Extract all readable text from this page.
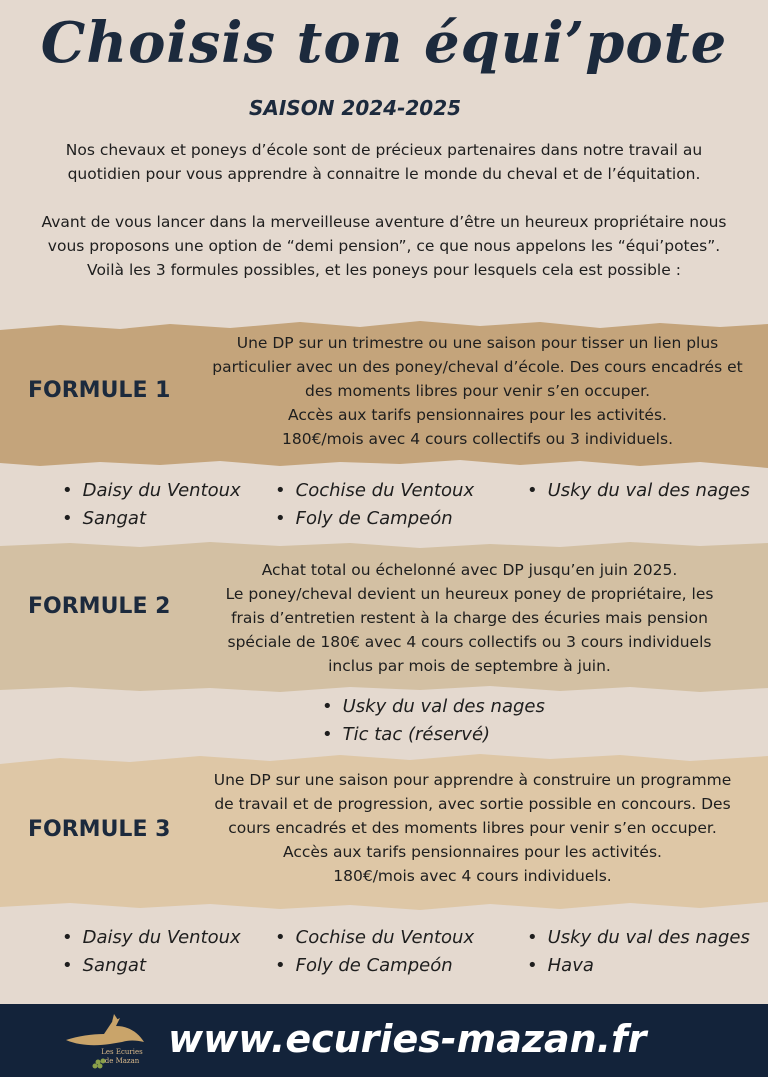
Choisis ton équi’pote
SAISON 2024-2025

Nos chevaux et poneys d’école sont de précieux partenaires dans notre travail au

quotidien pour vous apprendre à connaitre le monde du cheval et de l’équitation.

Avant de vous lancer dans la merveilleuse aventure d’être un heureux propriétaire nous

vous proposons une option de “demi pension”, ce que nous appelons les “équi’potes”.

Voilà les 3 formules possibles, et les poneys pour lesquels cela est possible :

FORMULE 1

Une DP sur un trimestre ou une saison pour tisser un lien plus

particulier avec un des poney/cheval d’école. Des cours encadrés et

des moments libres pour venir s’en occuper.

Accès aux tarifs pensionnaires pour les activités.

180€/mois avec 4 cours collectifs ou 3 individuels.

• Daisy du Ventoux
• Sangat
• Cochise du Ventoux
• Foly de Campeón
• Usky du val des nages
FORMULE 2

Achat total ou échelonné avec DP jusqu’en juin 2025.

Le poney/cheval devient un heureux poney de propriétaire, les

frais d’entretien restent à la charge des écuries mais pension

spéciale de 180€ avec 4 cours collectifs ou 3 cours individuels

inclus par mois de septembre à juin.

• Usky du val des nages
• Tic tac (réservé)
FORMULE 3

Une DP sur une saison pour apprendre à construire un programme

de travail et de progression, avec sortie possible en concours. Des

cours encadrés et des moments libres pour venir s’en occuper.

Accès aux tarifs pensionnaires pour les activités.

180€/mois avec 4 cours individuels.

• Daisy du Ventoux
• Sangat
• Cochise du Ventoux
• Foly de Campeón
• Usky du val des nages
• Hava
Les Ecuries
de Mazan www.ecuries-mazan.fr
